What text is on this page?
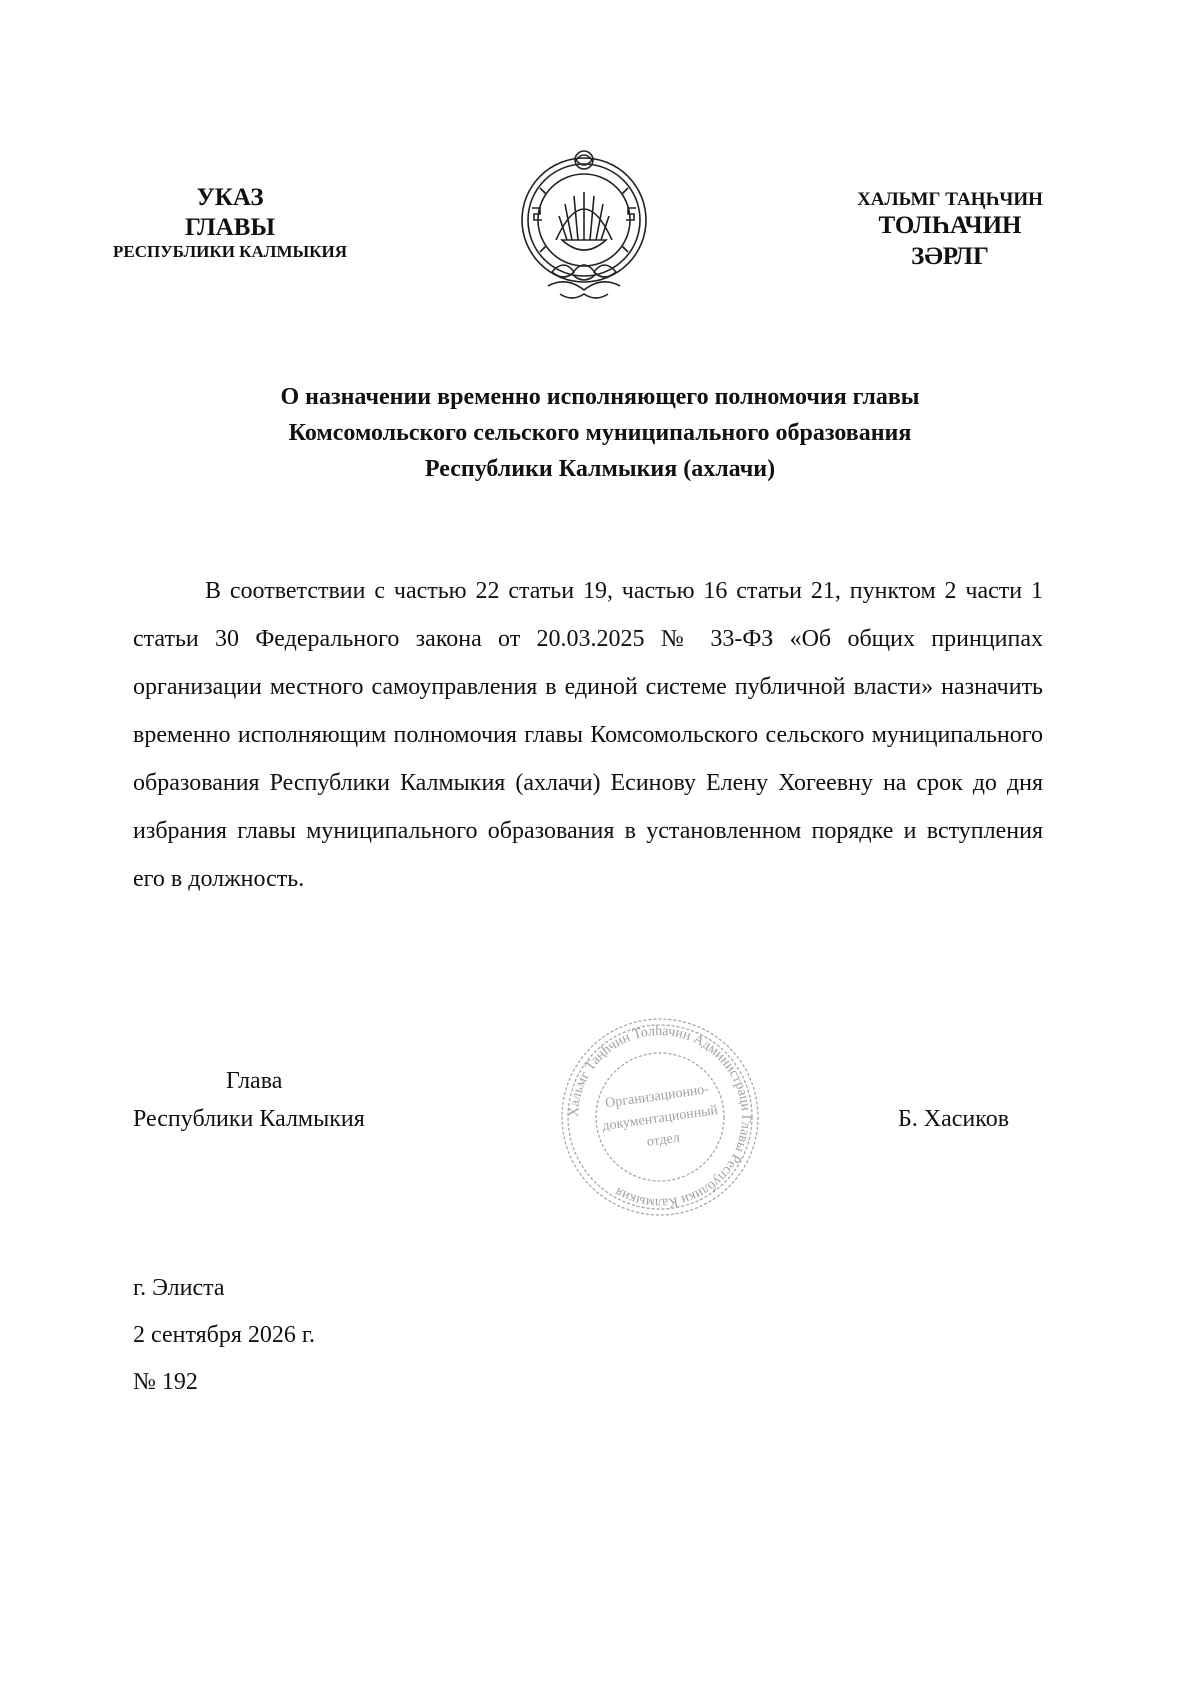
УКАЗ
ГЛАВЫ
РЕСПУБЛИКИ КАЛМЫКИЯ
ХАЛЬМГ ТАҢҺЧИН
ТОЛҺАЧИН
ЗӘРЛГ
О назначении временно исполняющего полномочия главы
Комсомольского сельского муниципального образования
Республики Калмыкия (ахлачи)
В соответствии с частью 22 статьи 19, частью 16 статьи 21, пунктом 2 части 1 статьи 30 Федерального закона от 20.03.2025 № 33-ФЗ «Об общих принципах организации местного самоуправления в единой системе публичной власти» назначить временно исполняющим полномочия главы Комсомольского сельского муниципального образования Республики Калмыкия (ахлачи) Есинову Елену Хогеевну на срок до дня избрания главы муниципального образования в установленном порядке и вступления его в должность.
Глава
Республики Калмыкия	Хальмг Таңһчин Толһачин Администраци Главы Республики Калмыкия
Организационно-
документационный
отдел
Б. Хасиков
г. Элиста
2 сентября 2026 г.
№ 192
